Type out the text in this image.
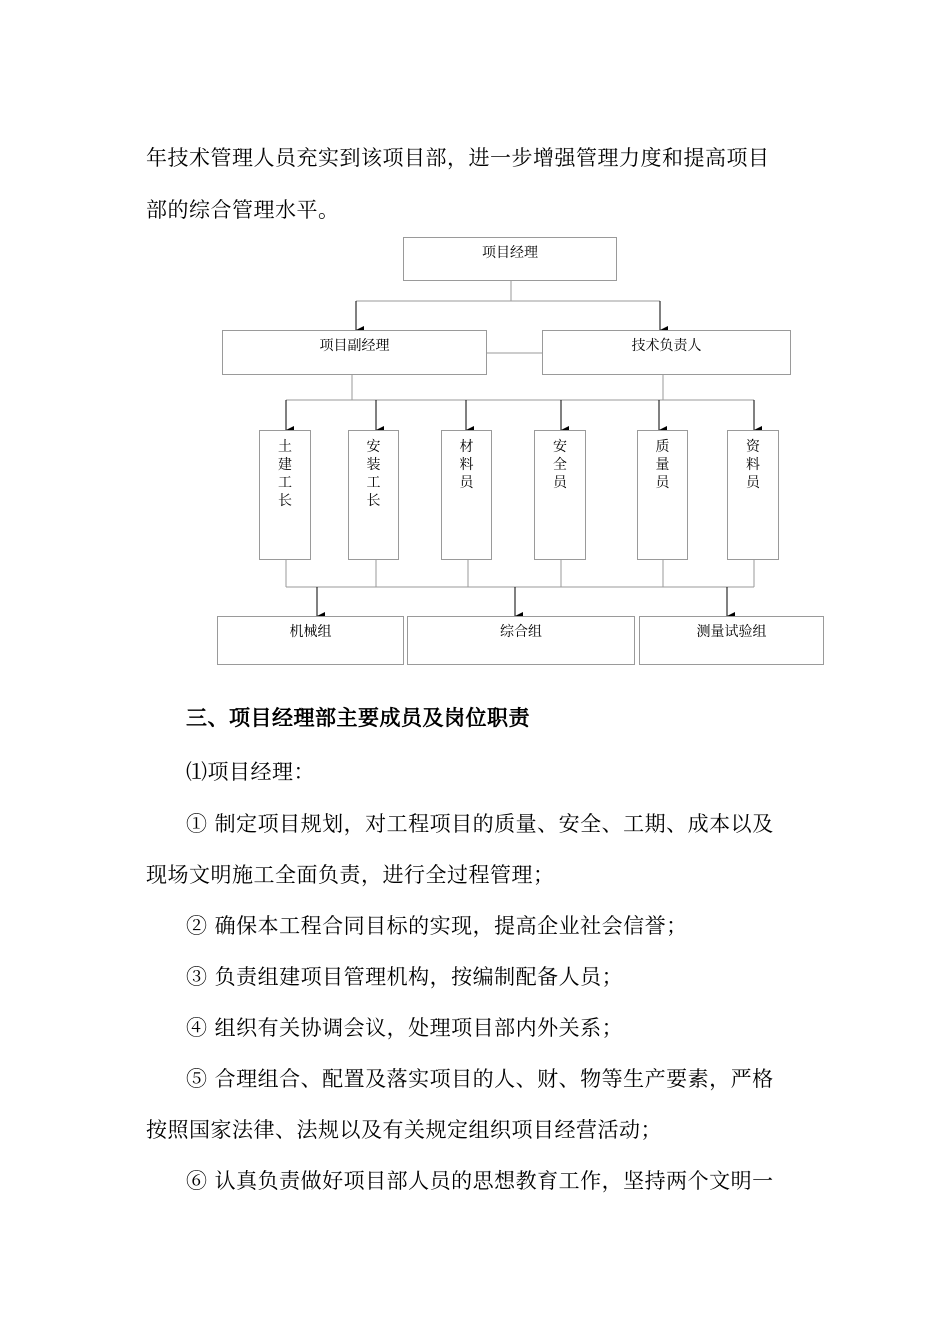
年技术管理人员充实到该项目部，进一步增强管理力度和提高项目
部的综合管理水平。
项目经理
项目副经理	技术负责人
土建工长
安装工长
材料员
安全员
质量员
资料员
机械组	综合组	测量试验组
三、项目经理部主要成员及岗位职责
⑴项目经理：
① 制定项目规划，对工程项目的质量、安全、工期、成本以及
现场文明施工全面负责，进行全过程管理；
② 确保本工程合同目标的实现，提高企业社会信誉；
③ 负责组建项目管理机构，按编制配备人员；
④ 组织有关协调会议，处理项目部内外关系；
⑤ 合理组合、配置及落实项目的人、财、物等生产要素，严格
按照国家法律、法规以及有关规定组织项目经营活动；
⑥ 认真负责做好项目部人员的思想教育工作，坚持两个文明一
